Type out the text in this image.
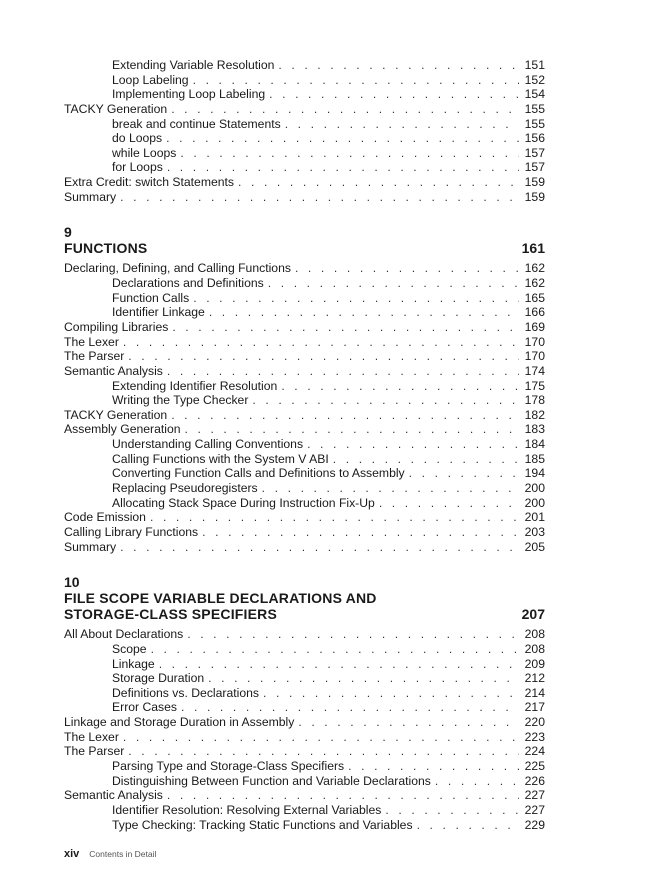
Extending Variable Resolution . . .	151
Loop Labeling . . .	152
Implementing Loop Labeling . . .	154
TACKY Generation . . .	155
break and continue Statements . . .	155
do Loops . . .	156
while Loops . . .	157
for Loops . . .	157
Extra Credit: switch Statements . . .	159
Summary . . .	159
9
FUNCTIONS	161
Declaring, Defining, and Calling Functions . . .	162
Declarations and Definitions . . .	162
Function Calls . . .	165
Identifier Linkage . . .	166
Compiling Libraries . . .	169
The Lexer . . .	170
The Parser . . .	170
Semantic Analysis . . .	174
Extending Identifier Resolution . . .	175
Writing the Type Checker . . .	178
TACKY Generation . . .	182
Assembly Generation . . .	183
Understanding Calling Conventions . . .	184
Calling Functions with the System V ABI . . .	185
Converting Function Calls and Definitions to Assembly . . .	194
Replacing Pseudoregisters . . .	200
Allocating Stack Space During Instruction Fix-Up . . .	200
Code Emission . . .	201
Calling Library Functions . . .	203
Summary . . .	205
10
FILE SCOPE VARIABLE DECLARATIONS AND
STORAGE-CLASS SPECIFIERS	207
All About Declarations . . .	208
Scope . . .	208
Linkage . . .	209
Storage Duration . . .	212
Definitions vs. Declarations . . .	214
Error Cases . . .	217
Linkage and Storage Duration in Assembly . . .	220
The Lexer . . .	223
The Parser . . .	224
Parsing Type and Storage-Class Specifiers . . .	225
Distinguishing Between Function and Variable Declarations . . .	226
Semantic Analysis . . .	227
Identifier Resolution: Resolving External Variables . . .	227
Type Checking: Tracking Static Functions and Variables . . .	229
xiv Contents in Detail
